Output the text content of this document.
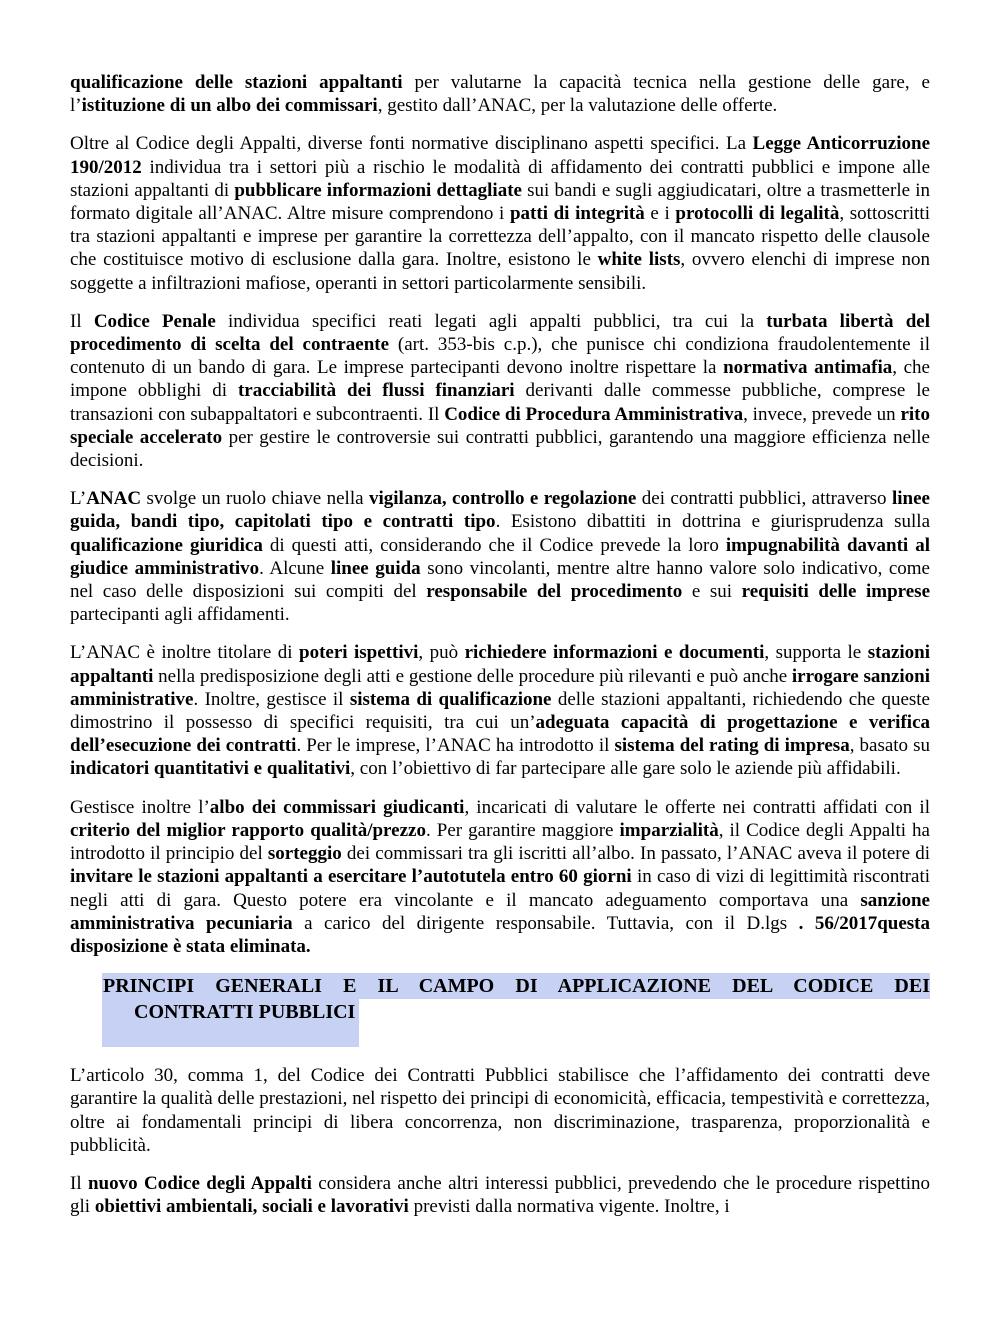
qualificazione delle stazioni appaltanti per valutarne la capacità tecnica nella gestione delle gare, e l’istituzione di un albo dei commissari, gestito dall’ANAC, per la valutazione delle offerte.

Oltre al Codice degli Appalti, diverse fonti normative disciplinano aspetti specifici. La Legge Anticorruzione 190/2012 individua tra i settori più a rischio le modalità di affidamento dei contratti pubblici e impone alle stazioni appaltanti di pubblicare informazioni dettagliate sui bandi e sugli aggiudicatari, oltre a trasmetterle in formato digitale all’ANAC. Altre misure comprendono i patti di integrità e i protocolli di legalità, sottoscritti tra stazioni appaltanti e imprese per garantire la correttezza dell’appalto, con il mancato rispetto delle clausole che costituisce motivo di esclusione dalla gara. Inoltre, esistono le white lists, ovvero elenchi di imprese non soggette a infiltrazioni mafiose, operanti in settori particolarmente sensibili.

Il Codice Penale individua specifici reati legati agli appalti pubblici, tra cui la turbata libertà del procedimento di scelta del contraente (art. 353-bis c.p.), che punisce chi condiziona fraudolentemente il contenuto di un bando di gara. Le imprese partecipanti devono inoltre rispettare la normativa antimafia, che impone obblighi di tracciabilità dei flussi finanziari derivanti dalle commesse pubbliche, comprese le transazioni con subappaltatori e subcontraenti. Il Codice di Procedura Amministrativa, invece, prevede un rito speciale accelerato per gestire le controversie sui contratti pubblici, garantendo una maggiore efficienza nelle decisioni.

L’ANAC svolge un ruolo chiave nella vigilanza, controllo e regolazione dei contratti pubblici, attraverso linee guida, bandi tipo, capitolati tipo e contratti tipo. Esistono dibattiti in dottrina e giurisprudenza sulla qualificazione giuridica di questi atti, considerando che il Codice prevede la loro impugnabilità davanti al giudice amministrativo. Alcune linee guida sono vincolanti, mentre altre hanno valore solo indicativo, come nel caso delle disposizioni sui compiti del responsabile del procedimento e sui requisiti delle imprese partecipanti agli affidamenti.

L’ANAC è inoltre titolare di poteri ispettivi, può richiedere informazioni e documenti, supporta le stazioni appaltanti nella predisposizione degli atti e gestione delle procedure più rilevanti e può anche irrogare sanzioni amministrative. Inoltre, gestisce il sistema di qualificazione delle stazioni appaltanti, richiedendo che queste dimostrino il possesso di specifici requisiti, tra cui un’adeguata capacità di progettazione e verifica dell’esecuzione dei contratti. Per le imprese, l’ANAC ha introdotto il sistema del rating di impresa, basato su indicatori quantitativi e qualitativi, con l’obiettivo di far partecipare alle gare solo le aziende più affidabili.

Gestisce inoltre l’albo dei commissari giudicanti, incaricati di valutare le offerte nei contratti affidati con il criterio del miglior rapporto qualità/prezzo. Per garantire maggiore imparzialità, il Codice degli Appalti ha introdotto il principio del sorteggio dei commissari tra gli iscritti all’albo. In passato, l’ANAC aveva il potere di invitare le stazioni appaltanti a esercitare l’autotutela entro 60 giorni in caso di vizi di legittimità riscontrati negli atti di gara. Questo potere era vincolante e il mancato adeguamento comportava una sanzione amministrativa pecuniaria a carico del dirigente responsabile. Tuttavia, con il D.lgs . 56/2017questa disposizione è stata eliminata.

PRINCIPI GENERALI E IL CAMPO DI APPLICAZIONE DEL CODICE DEI
CONTRATTI PUBBLICI

L’articolo 30, comma 1, del Codice dei Contratti Pubblici stabilisce che l’affidamento dei contratti deve garantire la qualità delle prestazioni, nel rispetto dei principi di economicità, efficacia, tempestività e correttezza, oltre ai fondamentali principi di libera concorrenza, non discriminazione, trasparenza, proporzionalità e pubblicità.

Il nuovo Codice degli Appalti considera anche altri interessi pubblici, prevedendo che le procedure rispettino gli obiettivi ambientali, sociali e lavorativi previsti dalla normativa vigente. Inoltre, i
